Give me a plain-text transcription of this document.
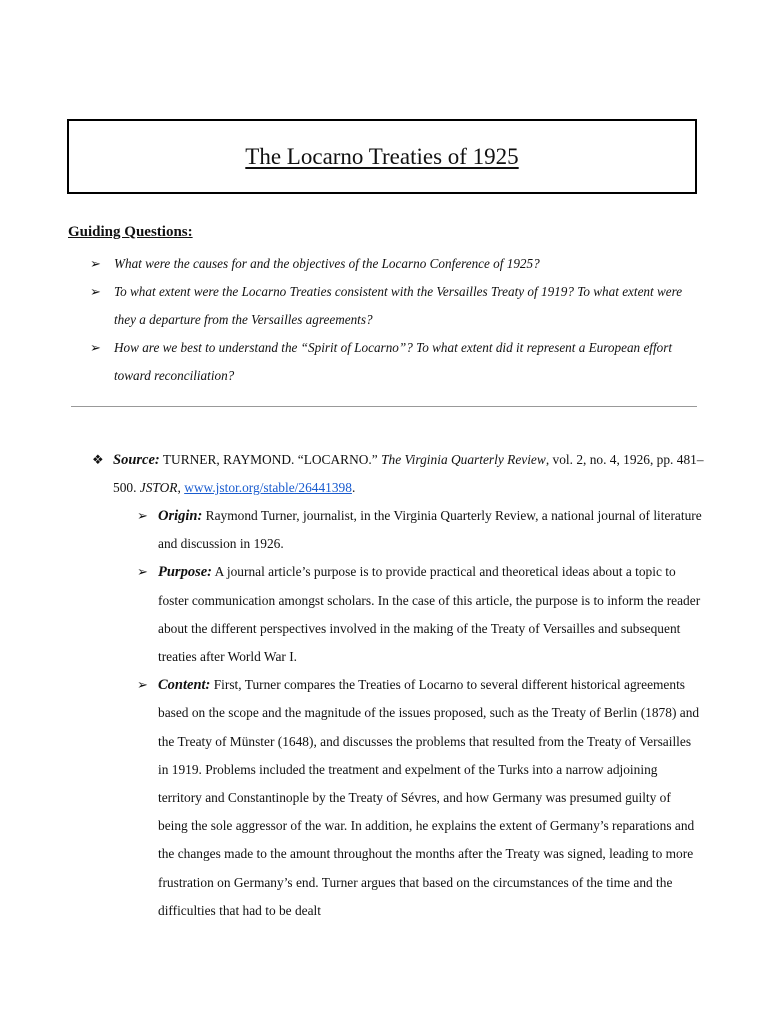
The Locarno Treaties of 1925
Guiding Questions:
➢ What were the causes for and the objectives of the Locarno Conference of 1925?
➢ To what extent were the Locarno Treaties consistent with the Versailles Treaty of 1919? To what extent were they a departure from the Versailles agreements?
➢ How are we best to understand the “Spirit of Locarno”? To what extent did it represent a European effort toward reconciliation?
❖ Source: TURNER, RAYMOND. “LOCARNO.” The Virginia Quarterly Review, vol. 2, no. 4, 1926, pp. 481–500. JSTOR, www.jstor.org/stable/26441398.
➢ Origin: Raymond Turner, journalist, in the Virginia Quarterly Review, a national journal of literature and discussion in 1926.
➢ Purpose: A journal article’s purpose is to provide practical and theoretical ideas about a topic to foster communication amongst scholars. In the case of this article, the purpose is to inform the reader about the different perspectives involved in the making of the Treaty of Versailles and subsequent treaties after World War I.
➢ Content: First, Turner compares the Treaties of Locarno to several different historical agreements based on the scope and the magnitude of the issues proposed, such as the Treaty of Berlin (1878) and the Treaty of Münster (1648), and discusses the problems that resulted from the Treaty of Versailles in 1919. Problems included the treatment and expelment of the Turks into a narrow adjoining territory and Constantinople by the Treaty of Sévres, and how Germany was presumed guilty of being the sole aggressor of the war. In addition, he explains the extent of Germany’s reparations and the changes made to the amount throughout the months after the Treaty was signed, leading to more frustration on Germany’s end. Turner argues that based on the circumstances of the time and the difficulties that had to be dealt
